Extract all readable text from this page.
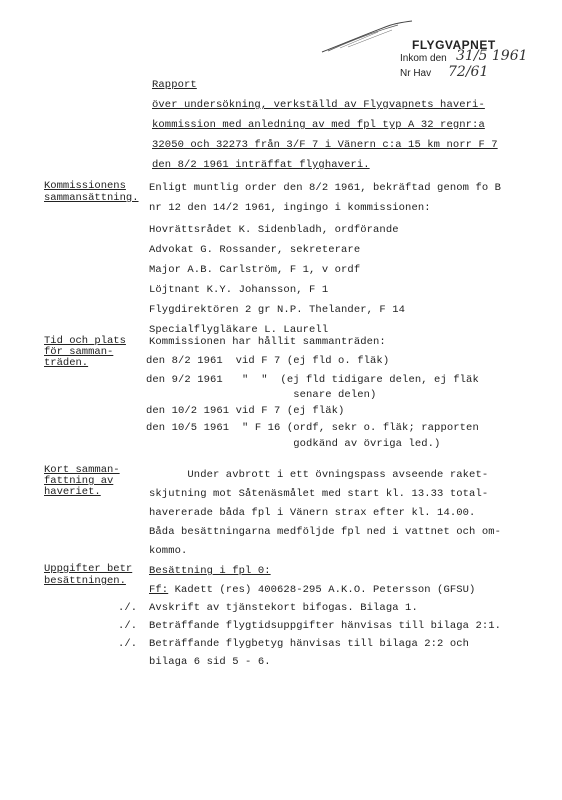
FLYGVAPNET
Inkom den 31/5 1961
Nr Hav 72/61
Rapport
över undersökning, verkställd av Flygvapnets haveri-
kommission med anledning av med fpl typ A 32 regnr:a
32050 och 32273 från 3/F 7 i Vänern c:a 15 km norr F 7
den 8/2 1961 inträffat flyghaveri.
Kommissionens
sammansättning.
Enligt muntlig order den 8/2 1961, bekräftad genom fo B
nr 12 den 14/2 1961, ingingo i kommissionen:
Hovrättsrådet K. Sidenbladh, ordförande
Advokat G. Rossander, sekreterare
Major A.B. Carlström, F 1, v ordf
Löjtnant K.Y. Johansson, F 1
Flygdirektören 2 gr N.P. Thelander, F 14
Specialflygläkare L. Laurell
Tid och plats
för samman-
träden.
Kommissionen har hållit sammanträden:
den 8/2 1961  vid F 7 (ej fld o. fläk)
den 9/2 1961   "  "  (ej fld tidigare delen, ej fläk
senare delen)
den 10/2 1961 vid F 7 (ej fläk)
den 10/5 1961  " F 16 (ordf, sekr o. fläk; rapporten
godkänd av övriga led.)
Kort samman-
fattning av
haveriet.
Under avbrott i ett övningspass avseende raket-
skjutning mot Såtenäsmålet med start kl. 13.33 total-
havererade båda fpl i Vänern strax efter kl. 14.00.
Båda besättningarna medföljde fpl ned i vattnet och om-
kommo.
Uppgifter betr
besättningen.
Besättning i fpl 0:
Ff: Kadett (res) 400628-295 A.K.O. Petersson (GFSU)
./. Avskrift av tjänstekort bifogas. Bilaga 1.
./. Beträffande flygtidsuppgifter hänvisas till bilaga 2:1.
./. Beträffande flygbetyg hänvisas till bilaga 2:2 och
bilaga 6 sid 5 - 6.
